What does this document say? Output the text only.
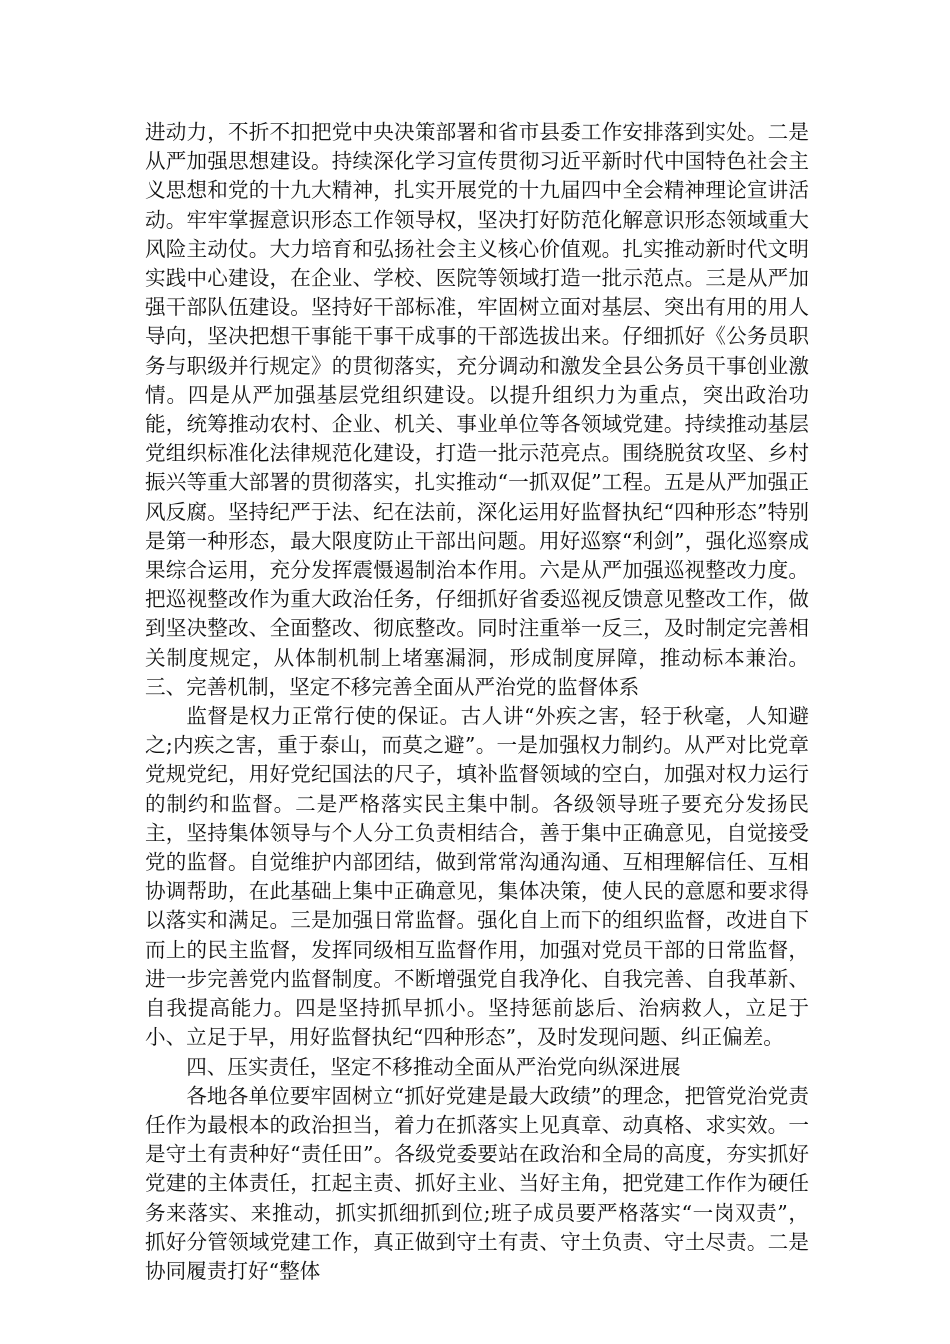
进动力，不折不扣把党中央决策部署和省市县委工作安排落到实处。二是从严加强思想建设。持续深化学习宣传贯彻习近平新时代中国特色社会主义思想和党的十九大精神，扎实开展党的十九届四中全会精神理论宣讲活动。牢牢掌握意识形态工作领导权，坚决打好防范化解意识形态领域重大风险主动仗。大力培育和弘扬社会主义核心价值观。扎实推动新时代文明实践中心建设，在企业、学校、医院等领域打造一批示范点。三是从严加强干部队伍建设。坚持好干部标准，牢固树立面对基层、突出有用的用人导向，坚决把想干事能干事干成事的干部选拔出来。仔细抓好《公务员职务与职级并行规定》的贯彻落实，充分调动和激发全县公务员干事创业激情。四是从严加强基层党组织建设。以提升组织力为重点，突出政治功能，统筹推动农村、企业、机关、事业单位等各领域党建。持续推动基层党组织标准化法律规范化建设，打造一批示范亮点。围绕脱贫攻坚、乡村振兴等重大部署的贯彻落实，扎实推动“一抓双促”工程。五是从严加强正风反腐。坚持纪严于法、纪在法前，深化运用好监督执纪“四种形态”特别是第一种形态，最大限度防止干部出问题。用好巡察“利剑”，强化巡察成果综合运用，充分发挥震慑遏制治本作用。六是从严加强巡视整改力度。把巡视整改作为重大政治任务，仔细抓好省委巡视反馈意见整改工作，做到坚决整改、全面整改、彻底整改。同时注重举一反三，及时制定完善相关制度规定，从体制机制上堵塞漏洞，形成制度屏障，推动标本兼治。三、完善机制，坚定不移完善全面从严治党的监督体系

监督是权力正常行使的保证。古人讲“外疾之害，轻于秋毫，人知避之;内疾之害，重于泰山，而莫之避”。一是加强权力制约。从严对比党章党规党纪，用好党纪国法的尺子，填补监督领域的空白，加强对权力运行的制约和监督。二是严格落实民主集中制。各级领导班子要充分发扬民主，坚持集体领导与个人分工负责相结合，善于集中正确意见，自觉接受党的监督。自觉维护内部团结，做到常常沟通沟通、互相理解信任、互相协调帮助，在此基础上集中正确意见，集体决策，使人民的意愿和要求得以落实和满足。三是加强日常监督。强化自上而下的组织监督，改进自下而上的民主监督，发挥同级相互监督作用，加强对党员干部的日常监督，进一步完善党内监督制度。不断增强党自我净化、自我完善、自我革新、自我提高能力。四是坚持抓早抓小。坚持惩前毖后、治病救人，立足于小、立足于早，用好监督执纪“四种形态”，及时发现问题、纠正偏差。

四、压实责任，坚定不移推动全面从严治党向纵深进展

各地各单位要牢固树立“抓好党建是最大政绩”的理念，把管党治党责任作为最根本的政治担当，着力在抓落实上见真章、动真格、求实效。一是守土有责种好“责任田”。各级党委要站在政治和全局的高度，夯实抓好党建的主体责任，扛起主责、抓好主业、当好主角，把党建工作作为硬任务来落实、来推动，抓实抓细抓到位;班子成员要严格落实“一岗双责”，抓好分管领域党建工作，真正做到守土有责、守土负责、守土尽责。二是协同履责打好“整体
